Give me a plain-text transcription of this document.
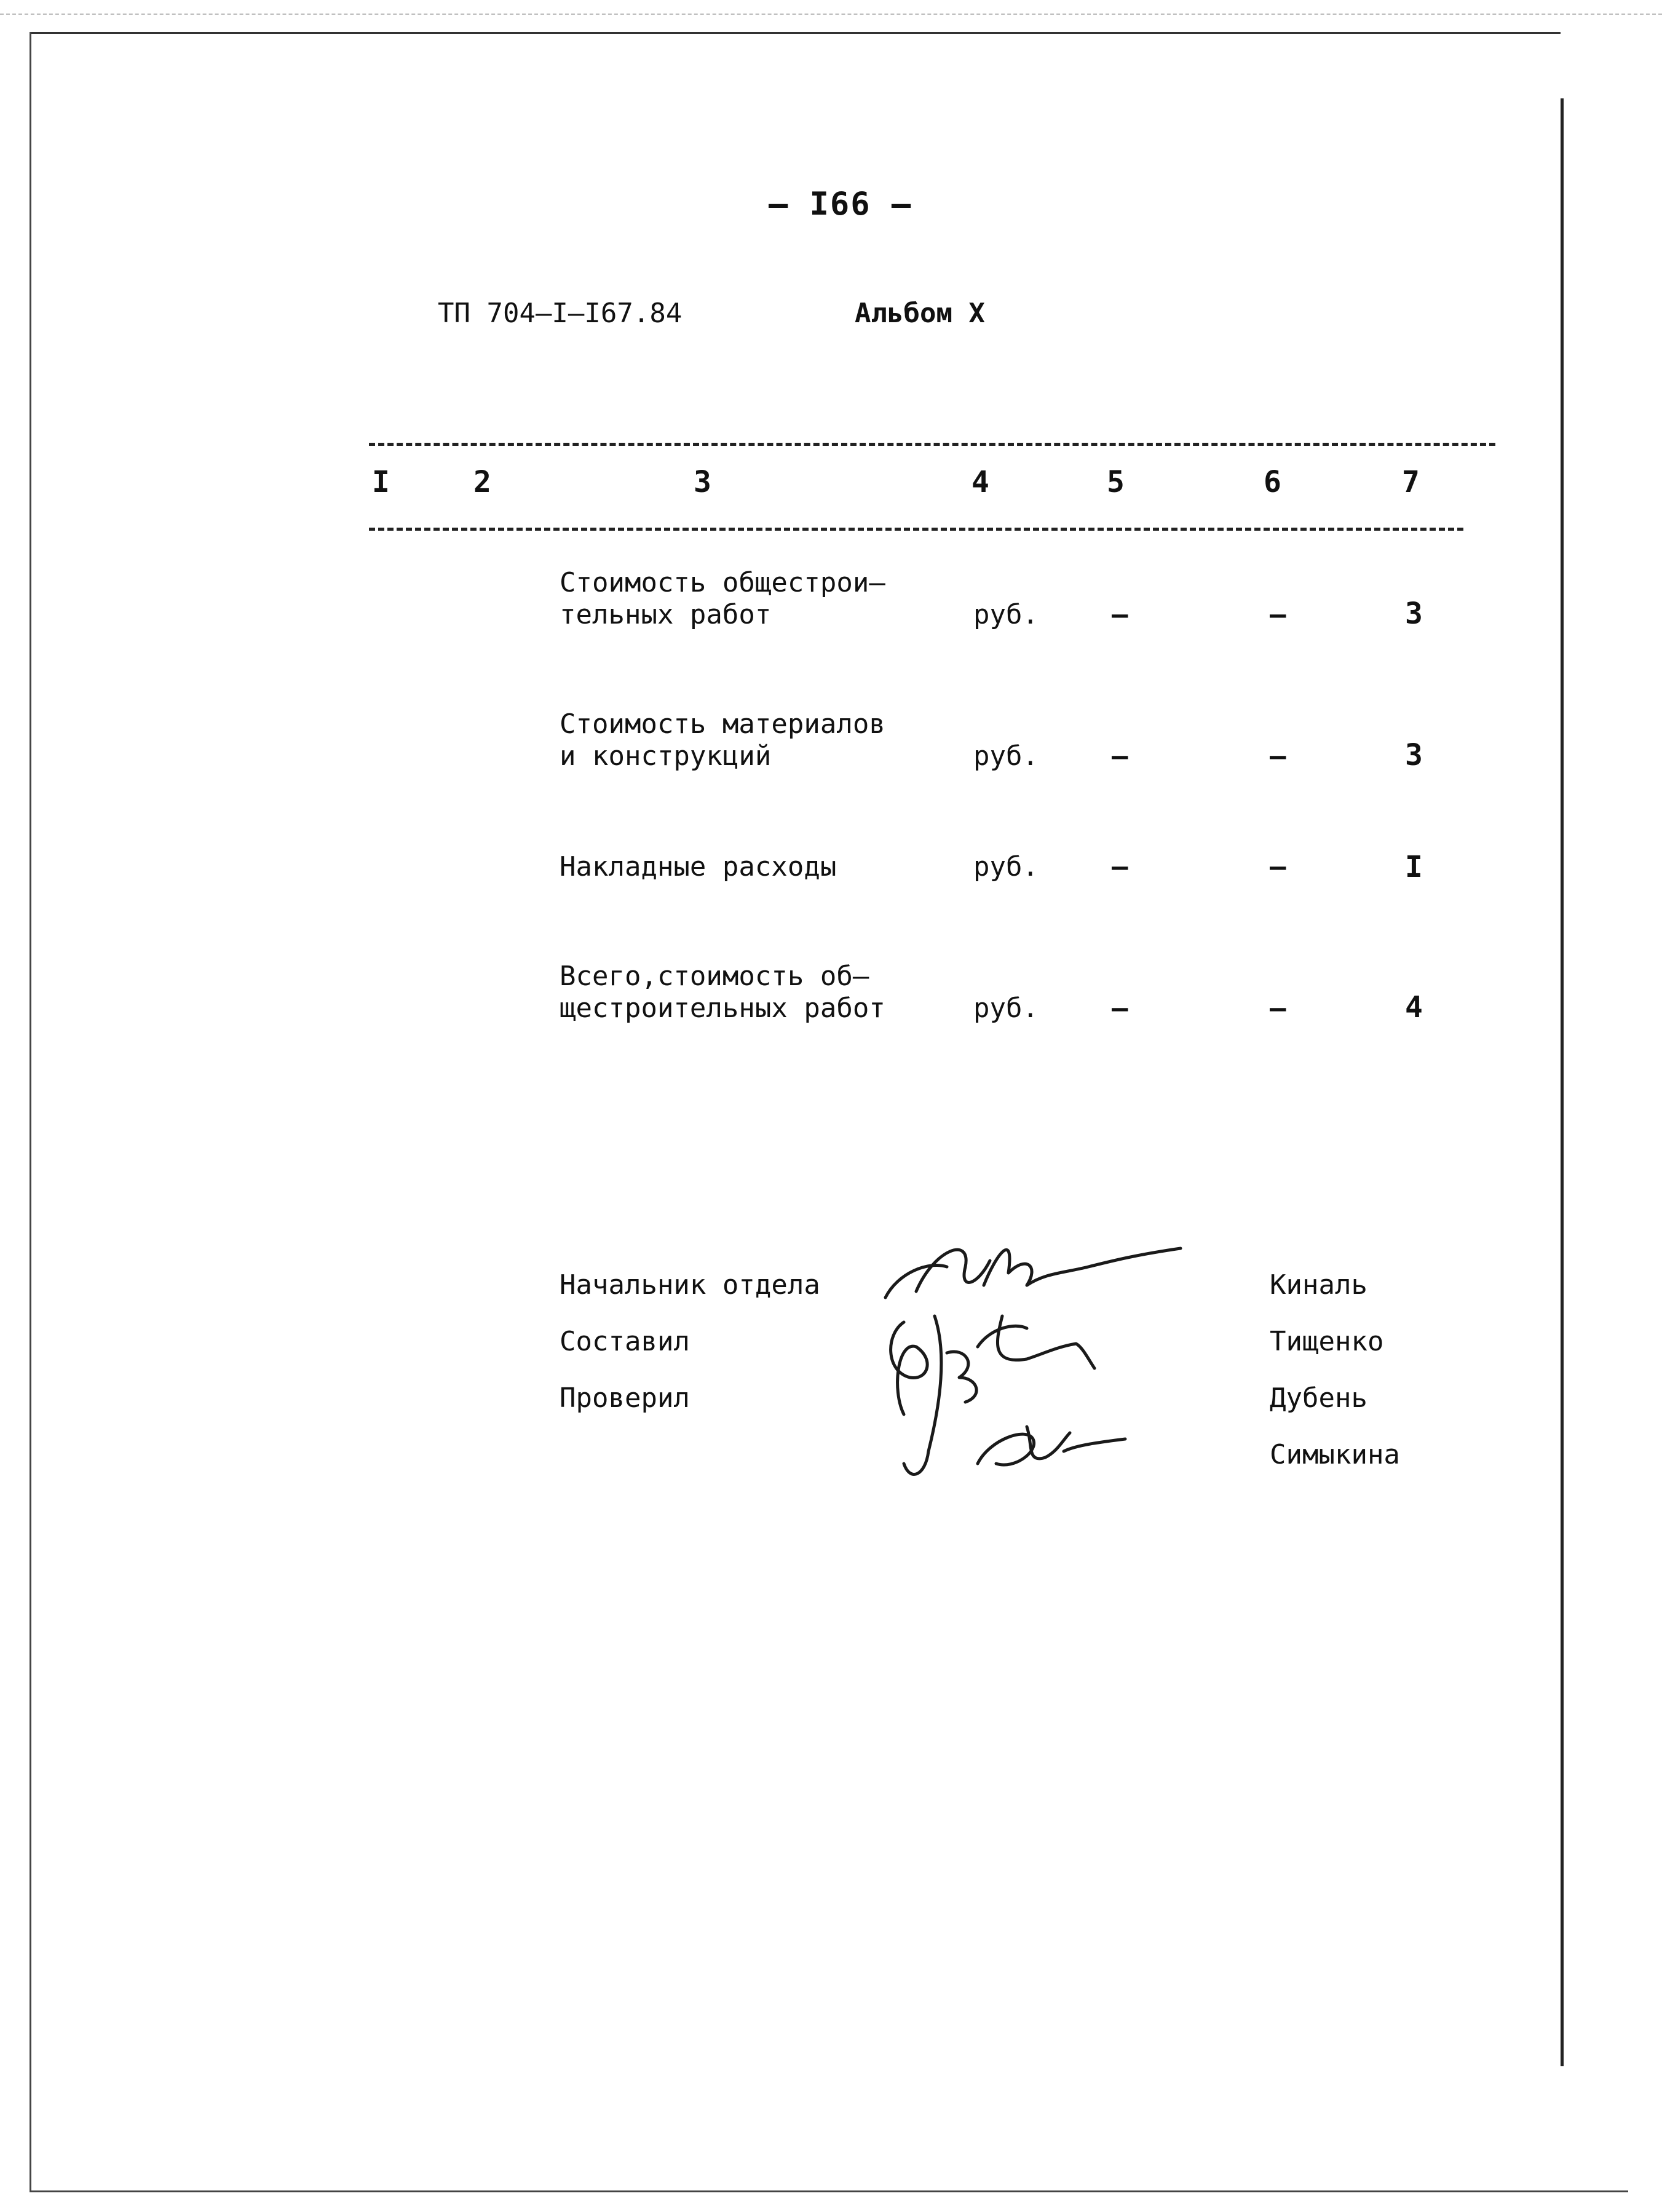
– I66 –
ТП 704–I–I67.84	Альбом X
I	2	3	4	5	6	7
Стоимость общестрои–
тельных работ	руб.	–	–	3
Стоимость материалов
и конструкций	руб.	–	–	3
Накладные расходы	руб.	–	–	I
Всего,стоимость об–
щестроительных работ	руб.	–	–	4
Начальник отдела
Составил
Проверил
Киналь
Тищенко
Дубень
Симыкина
